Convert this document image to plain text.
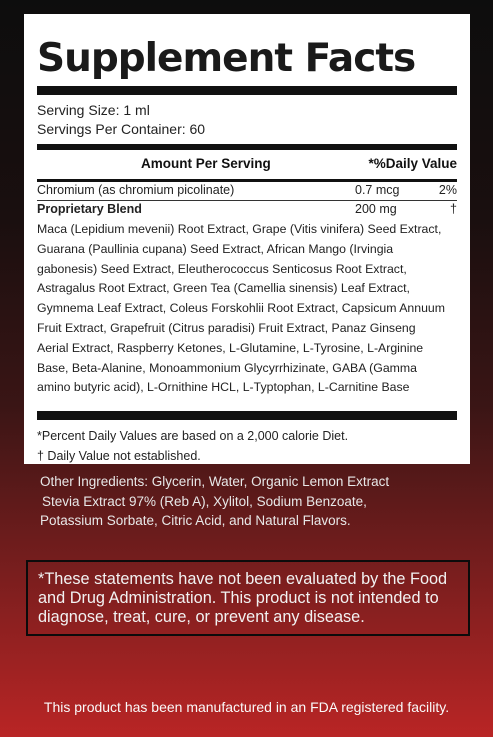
Supplement Facts
Serving Size: 1 ml
Servings Per Container: 60
Amount Per Serving	*%Daily Value
Chromium (as chromium picolinate)	0.7 mcg	2%
Proprietary Blend	200 mg	†
Maca (Lepidium mevenii) Root Extract, Grape (Vitis vinifera) Seed Extract,
Guarana (Paullinia cupana) Seed Extract, African Mango (Irvingia
gabonesis) Seed Extract, Eleutherococcus Senticosus Root Extract,
Astragalus Root Extract, Green Tea (Camellia sinensis) Leaf Extract,
Gymnema Leaf Extract, Coleus Forskohlii Root Extract, Capsicum Annuum
Fruit Extract, Grapefruit (Citrus paradisi) Fruit Extract, Panaz Ginseng
Aerial Extract, Raspberry Ketones, L-Glutamine, L-Tyrosine, L-Arginine
Base, Beta-Alanine, Monoammonium Glycyrrhizinate, GABA (Gamma
amino butyric acid), L-Ornithine HCL, L-Typtophan, L-Carnitine Base
*Percent Daily Values are based on a 2,000 calorie Diet.
† Daily Value not established.
Other Ingredients: Glycerin, Water, Organic Lemon Extract
Stevia Extract 97% (Reb A), Xylitol, Sodium Benzoate,
Potassium Sorbate, Citric Acid, and Natural Flavors.
*These statements have not been evaluated by the Food and Drug Administration. This product is not intended to diagnose, treat, cure, or prevent any disease.
This product has been manufactured in an FDA registered facility.
